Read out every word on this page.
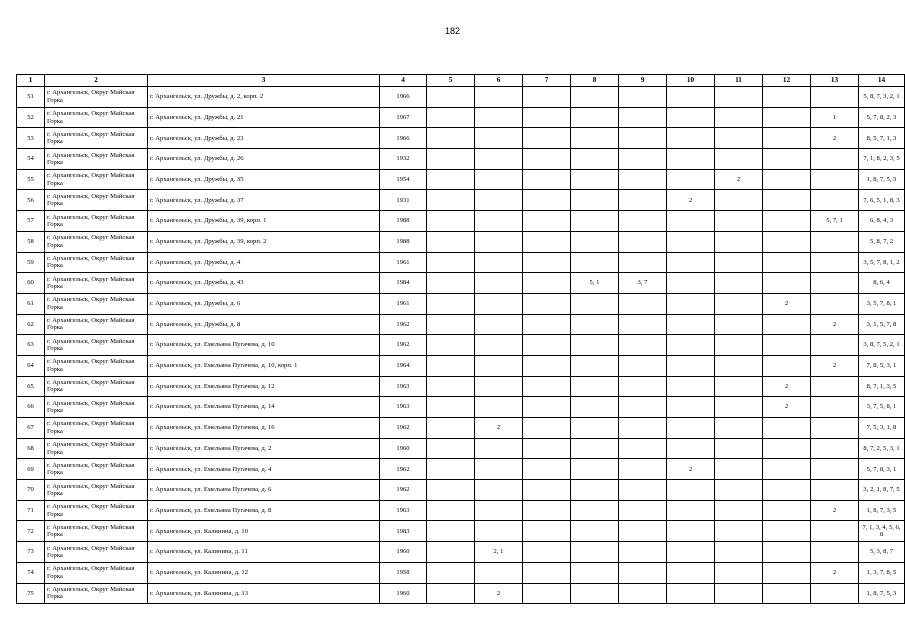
182
1	2	3	4	5	6	7	8	9	10	11	12	13	14
51	г. Архангельск, Округ Майская Горка	г. Архангельск, ул. Дружбы, д. 2, корп. 2	1966										5, 8, 7, 3, 2, 1
52	г. Архангельск, Округ Майская Горка	г. Архангельск, ул. Дружбы, д. 21	1967									1	5, 7, 8, 2, 3
53	г. Архангельск, Округ Майская Горка	г. Архангельск, ул. Дружбы, д. 23	1966									2	8, 5, 7, 1, 3
54	г. Архангельск, Округ Майская Горка	г. Архангельск, ул. Дружбы, д. 26	1932										7, 1, 8, 2, 3, 5
55	г. Архангельск, Округ Майская Горка	г. Архангельск, ул. Дружбы, д. 35	1954							2			1, 8, 7, 5, 3
56	г. Архангельск, Округ Майская Горка	г. Архангельск, ул. Дружбы, д. 37	1931						2				7, 6, 5, 1, 8, 3
57	г. Архангельск, Округ Майская Горка	г. Архангельск, ул. Дружбы, д. 39, корп. 1	1988									5, 7, 1	6, 8, 4, 3
58	г. Архангельск, Округ Майская Горка	г. Архангельск, ул. Дружбы, д. 39, корп. 2	1988										5, 8, 7, 2
59	г. Архангельск, Округ Майская Горка	г. Архангельск, ул. Дружбы, д. 4	1961										3, 5, 7, 8, 1, 2
60	г. Архангельск, Округ Майская Горка	г. Архангельск, ул. Дружбы, д. 43	1984				5, 1	3, 7					8, 6, 4
61	г. Архангельск, Округ Майская Горка	г. Архангельск, ул. Дружбы, д. 6	1961								2		3, 5, 7, 8, 1
62	г. Архангельск, Округ Майская Горка	г. Архангельск, ул. Дружбы, д. 8	1962									2	3, 1, 5, 7, 8
63	г. Архангельск, Округ Майская Горка	г. Архангельск, ул. Емельяна Пугачева, д. 10	1962										3, 8, 7, 5, 2, 1
64	г. Архангельск, Округ Майская Горка	г. Архангельск, ул. Емельяна Пугачева, д. 10, корп. 1	1964									2	7, 8, 5, 3, 1
65	г. Архангельск, Округ Майская Горка	г. Архангельск, ул. Емельяна Пугачева, д. 12	1963								2		8, 7, 1, 3, 5
66	г. Архангельск, Округ Майская Горка	г. Архангельск, ул. Емельяна Пугачева, д. 14	1963								2		3, 7, 5, 8, 1
67	г. Архангельск, Округ Майская Горка	г. Архангельск, ул. Емельяна Пугачева, д. 16	1962		2								7, 5, 3, 1, 8
68	г. Архангельск, Округ Майская Горка	г. Архангельск, ул. Емельяна Пугачева, д. 2	1960										8, 7, 2, 5, 3, 1
69	г. Архангельск, Округ Майская Горка	г. Архангельск, ул. Емельяна Пугачева, д. 4	1962						2				5, 7, 8, 3, 1
70	г. Архангельск, Округ Майская Горка	г. Архангельск, ул. Емельяна Пугачева, д. 6	1962										3, 2, 1, 8, 7, 5
71	г. Архангельск, Округ Майская Горка	г. Архангельск, ул. Емельяна Пугачева, д. 8	1963									2	1, 8, 7, 3, 5
72	г. Архангельск, Округ Майская Горка	г. Архангельск, ул. Калинина, д. 10	1983										7, 1, 3, 4, 5, 6, 8
73	г. Архангельск, Округ Майская Горка	г. Архангельск, ул. Калинина, д. 11	1960		2, 1								5, 3, 8, 7
74	г. Архангельск, Округ Майская Горка	г. Архангельск, ул. Калинина, д. 12	1958									2	1, 3, 7, 8, 5
75	г. Архангельск, Округ Майская Горка	г. Архангельск, ул. Калинина, д. 13	1960		2								1, 8, 7, 5, 3
